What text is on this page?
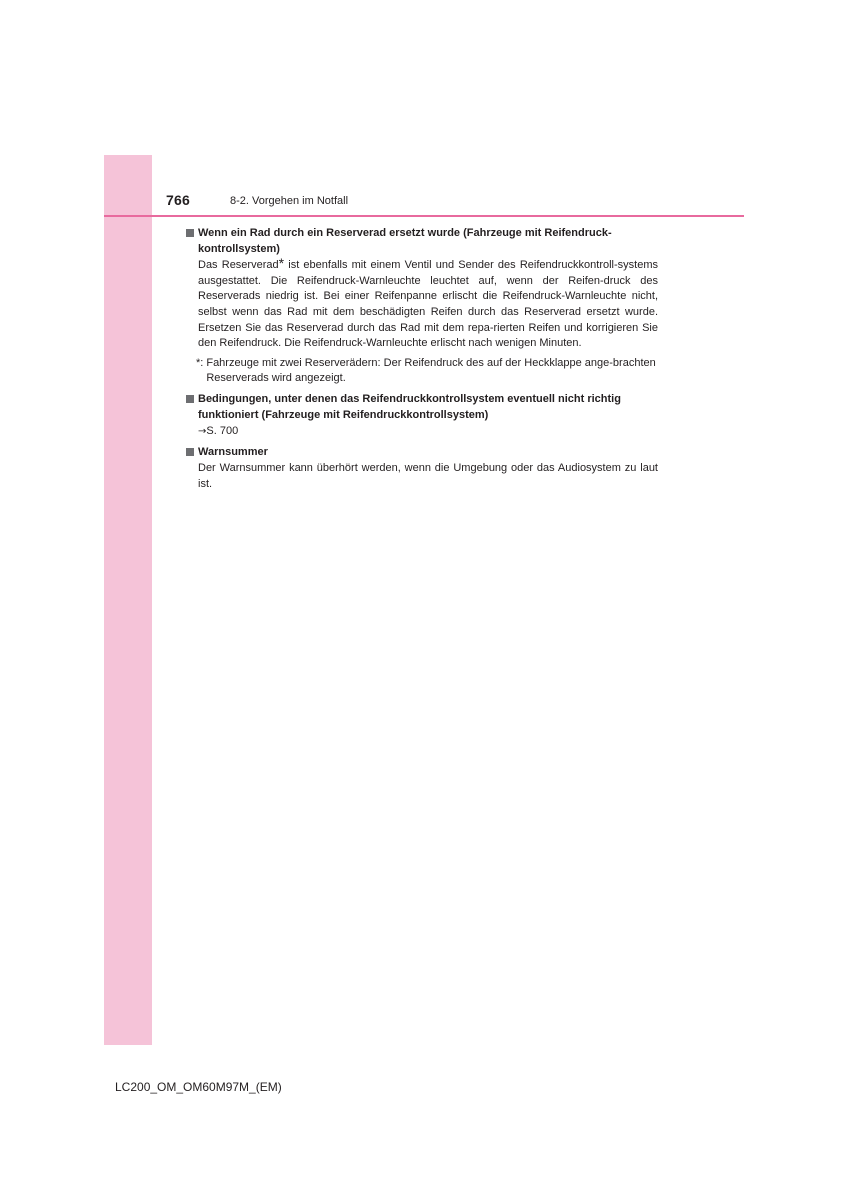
766	8-2. Vorgehen im Notfall
Wenn ein Rad durch ein Reserverad ersetzt wurde (Fahrzeuge mit Reifendruck-kontrollsystem)

Das Reserverad* ist ebenfalls mit einem Ventil und Sender des Reifendruckkontroll-systems ausgestattet. Die Reifendruck-Warnleuchte leuchtet auf, wenn der Reifen-druck des Reserverads niedrig ist. Bei einer Reifenpanne erlischt die Reifendruck-Warnleuchte nicht, selbst wenn das Rad mit dem beschädigten Reifen durch das Reserverad ersetzt wurde. Ersetzen Sie das Reserverad durch das Rad mit dem repa-rierten Reifen und korrigieren Sie den Reifendruck. Die Reifendruck-Warnleuchte erlischt nach wenigen Minuten.

*: Fahrzeuge mit zwei Reserverädern: Der Reifendruck des auf der Heckklappe ange-brachten Reserverads wird angezeigt.
Bedingungen, unter denen das Reifendruckkontrollsystem eventuell nicht richtig funktioniert (Fahrzeuge mit Reifendruckkontrollsystem)
→S. 700
Warnsummer

Der Warnsummer kann überhört werden, wenn die Umgebung oder das Audiosystem zu laut ist.

LC200_OM_OM60M97M_(EM)
